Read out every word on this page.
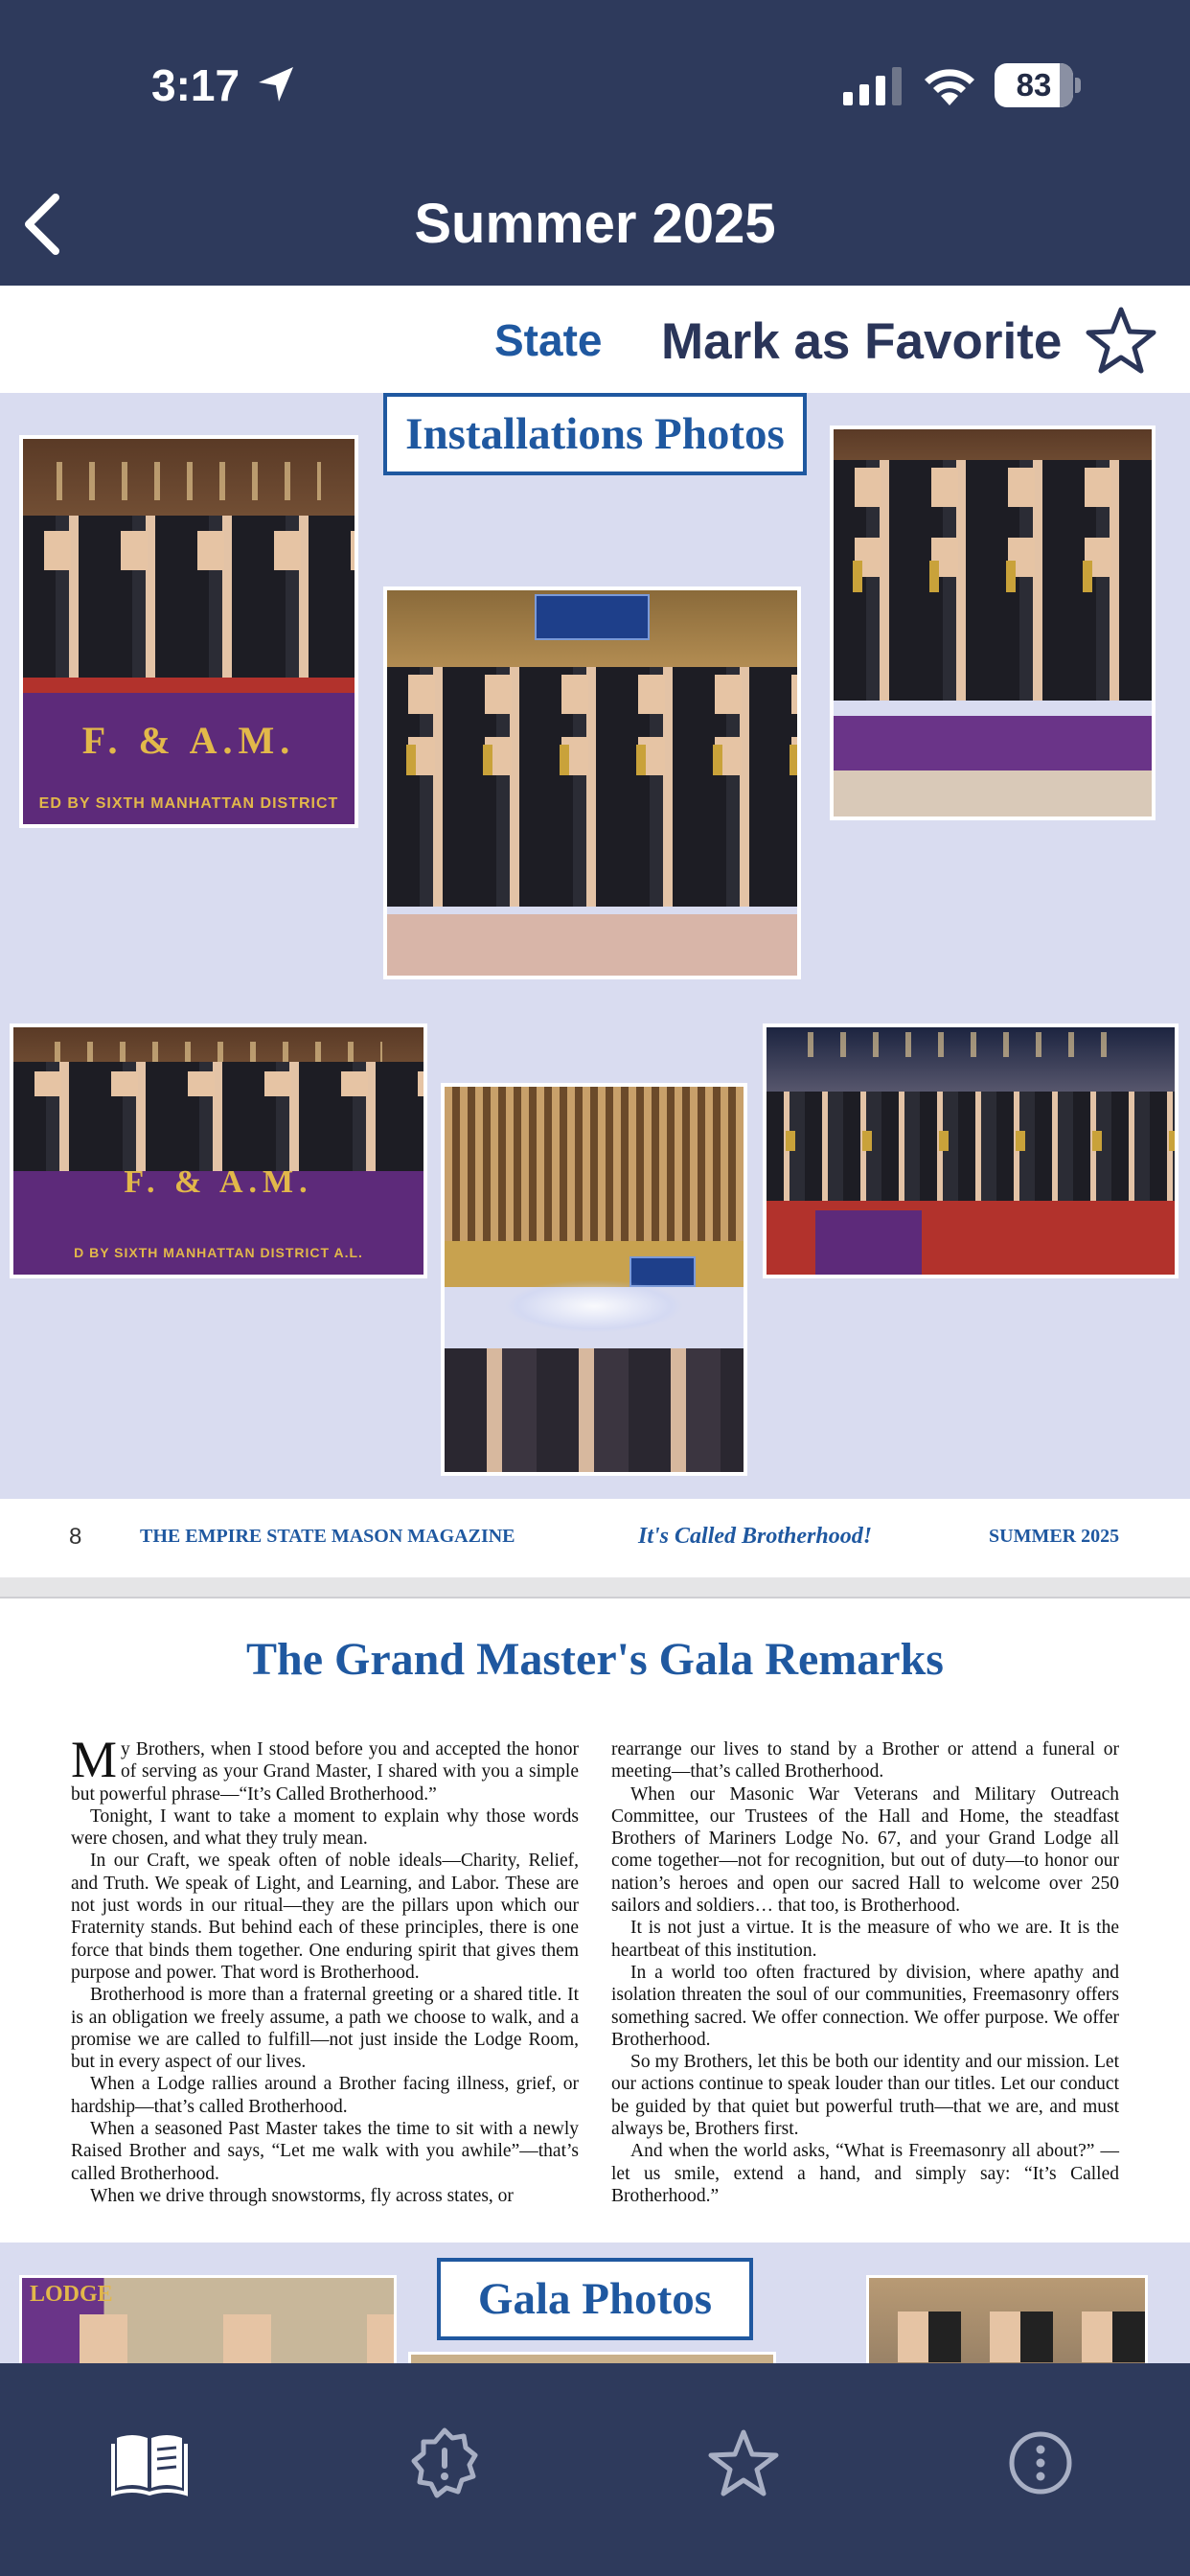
3:17	83
Summer 2025
State Mark as Favorite
Installations Photos
F. & A.M.
ED BY SIXTH MANHATTAN DISTRICT
F. & A.M.
D BY SIXTH MANHATTAN DISTRICT A.L.
8	THE EMPIRE STATE MASON MAGAZINE	It's Called Brotherhood!	SUMMER 2025
The Grand Master's Gala Remarks

My Brothers, when I stood before you and accepted the honor of serving as your Grand Master, I shared with you a simple but powerful phrase—“It’s Called Brotherhood.”

Tonight, I want to take a moment to explain why those words were chosen, and what they truly mean.

In our Craft, we speak often of noble ideals—Charity, Relief, and Truth. We speak of Light, and Learning, and Labor. These are not just words in our ritual—they are the pillars upon which our Fraternity stands. But behind each of these principles, there is one force that binds them together. One enduring spirit that gives them purpose and power. That word is Brotherhood.

Brotherhood is more than a fraternal greeting or a shared title. It is an obligation we freely assume, a path we choose to walk, and a promise we are called to fulfill—not just inside the Lodge Room, but in every aspect of our lives.

When a Lodge rallies around a Brother facing illness, grief, or hardship—that’s called Brotherhood.

When a seasoned Past Master takes the time to sit with a newly Raised Brother and says, “Let me walk with you awhile”—that’s called Brotherhood.

When we drive through snowstorms, fly across states, or

rearrange our lives to stand by a Brother or attend a funeral or meeting—that’s called Brotherhood.

When our Masonic War Veterans and Military Outreach Committee, our Trustees of the Hall and Home, the steadfast Brothers of Mariners Lodge No. 67, and your Grand Lodge all come together—not for recognition, but out of duty—to honor our nation’s heroes and open our sacred Hall to welcome over 250 sailors and soldiers… that too, is Brotherhood.

It is not just a virtue. It is the measure of who we are. It is the heartbeat of this institution.

In a world too often fractured by division, where apathy and isolation threaten the soul of our communities, Freemasonry offers something sacred. We offer connection. We offer purpose. We offer Brotherhood.

So my Brothers, let this be both our identity and our mission. Let our actions continue to speak louder than our titles. Let our conduct be guided by that quiet but powerful truth—that we are, and must always be, Brothers first.

And when the world asks, “What is Freemasonry all about?” — let us smile, extend a hand, and simply say: “It’s Called Brotherhood.”

LODGE	Gala Photos
